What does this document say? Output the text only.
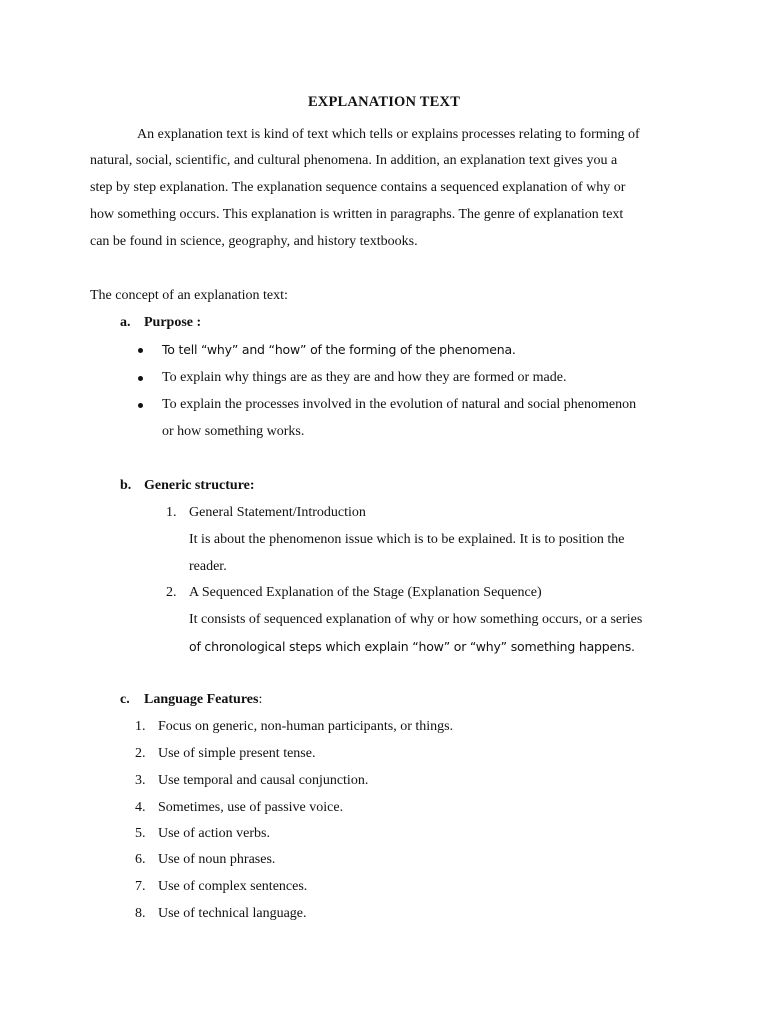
EXPLANATION TEXT
An explanation text is kind of text which tells or explains processes relating to forming of
natural, social, scientific, and cultural phenomena. In addition, an explanation text gives you a
step by step explanation. The explanation sequence contains a sequenced explanation of why or
how something occurs. This explanation is written in paragraphs. The genre of explanation text
can be found in science, geography, and history textbooks.
The concept of an explanation text:
a. Purpose :
To tell “why” and “how” of the forming of the phenomena.
To explain why things are as they are and how they are formed or made.
To explain the processes involved in the evolution of natural and social phenomenon
or how something works.
b. Generic structure:
1. General Statement/Introduction
It is about the phenomenon issue which is to be explained. It is to position the
reader.
2. A Sequenced Explanation of the Stage (Explanation Sequence)
It consists of sequenced explanation of why or how something occurs, or a series
of chronological steps which explain “how” or “why” something happens.
c. Language Features:
1. Focus on generic, non-human participants, or things.
2. Use of simple present tense.
3. Use temporal and causal conjunction.
4. Sometimes, use of passive voice.
5. Use of action verbs.
6. Use of noun phrases.
7. Use of complex sentences.
8. Use of technical language.
